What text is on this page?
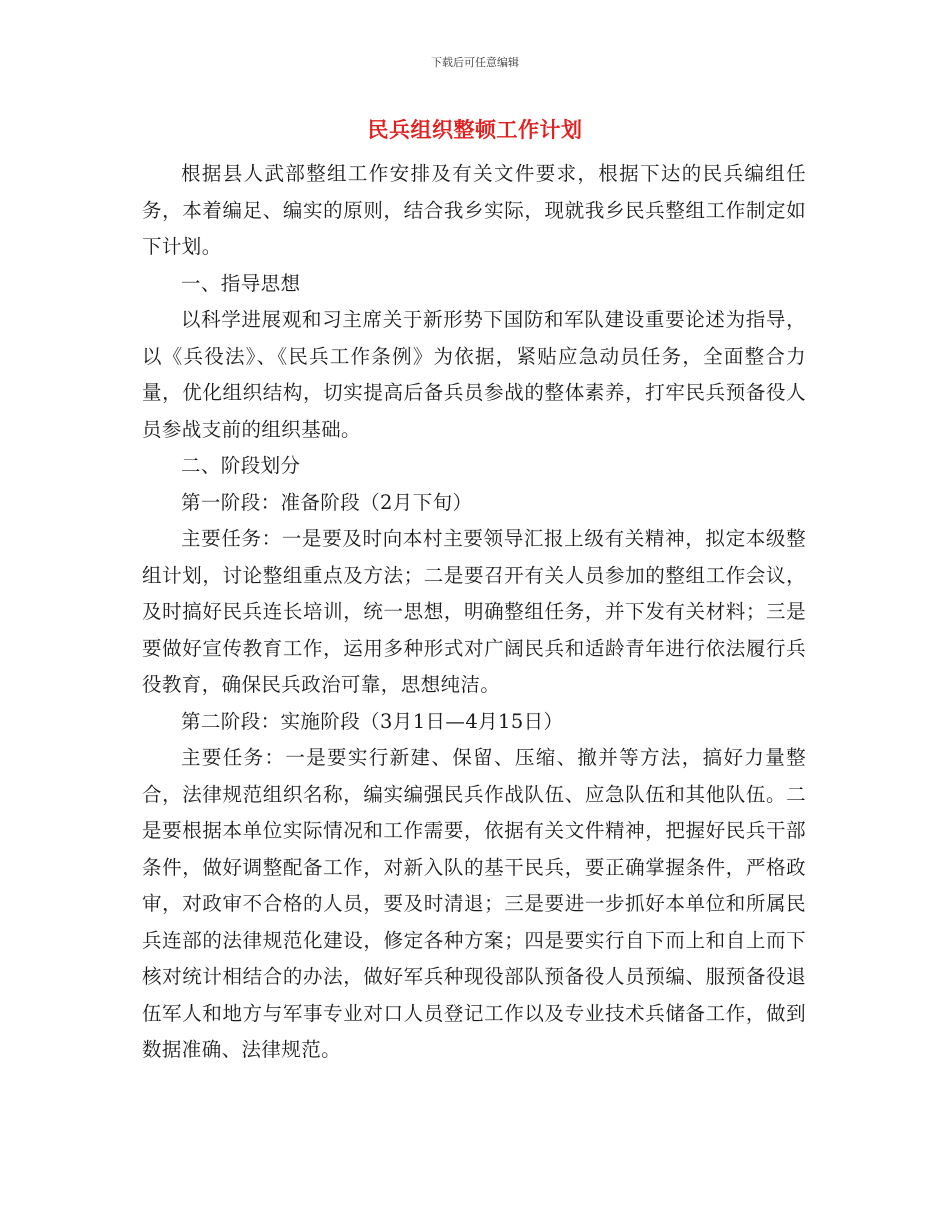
下载后可任意编辑
民兵组织整顿工作计划

根据县人武部整组工作安排及有关文件要求，根据下达的民兵编组任务，本着编足、编实的原则，结合我乡实际，现就我乡民兵整组工作制定如下计划。

一、指导思想

以科学进展观和习主席关于新形势下国防和军队建设重要论述为指导，以《兵役法》、《民兵工作条例》为依据，紧贴应急动员任务，全面整合力量，优化组织结构，切实提高后备兵员参战的整体素养，打牢民兵预备役人员参战支前的组织基础。

二、阶段划分

第一阶段：准备阶段（2月下旬）

主要任务：一是要及时向本村主要领导汇报上级有关精神，拟定本级整组计划，讨论整组重点及方法；二是要召开有关人员参加的整组工作会议，及时搞好民兵连长培训，统一思想，明确整组任务，并下发有关材料；三是要做好宣传教育工作，运用多种形式对广阔民兵和适龄青年进行依法履行兵役教育，确保民兵政治可靠，思想纯洁。

第二阶段：实施阶段（3月1日—4月15日）

主要任务：一是要实行新建、保留、压缩、撤并等方法，搞好力量整合，法律规范组织名称，编实编强民兵作战队伍、应急队伍和其他队伍。二是要根据本单位实际情况和工作需要，依据有关文件精神，把握好民兵干部条件，做好调整配备工作，对新入队的基干民兵，要正确掌握条件，严格政审，对政审不合格的人员，要及时清退；三是要进一步抓好本单位和所属民兵连部的法律规范化建设，修定各种方案；四是要实行自下而上和自上而下核对统计相结合的办法，做好军兵种现役部队预备役人员预编、服预备役退伍军人和地方与军事专业对口人员登记工作以及专业技术兵储备工作，做到数据准确、法律规范。
